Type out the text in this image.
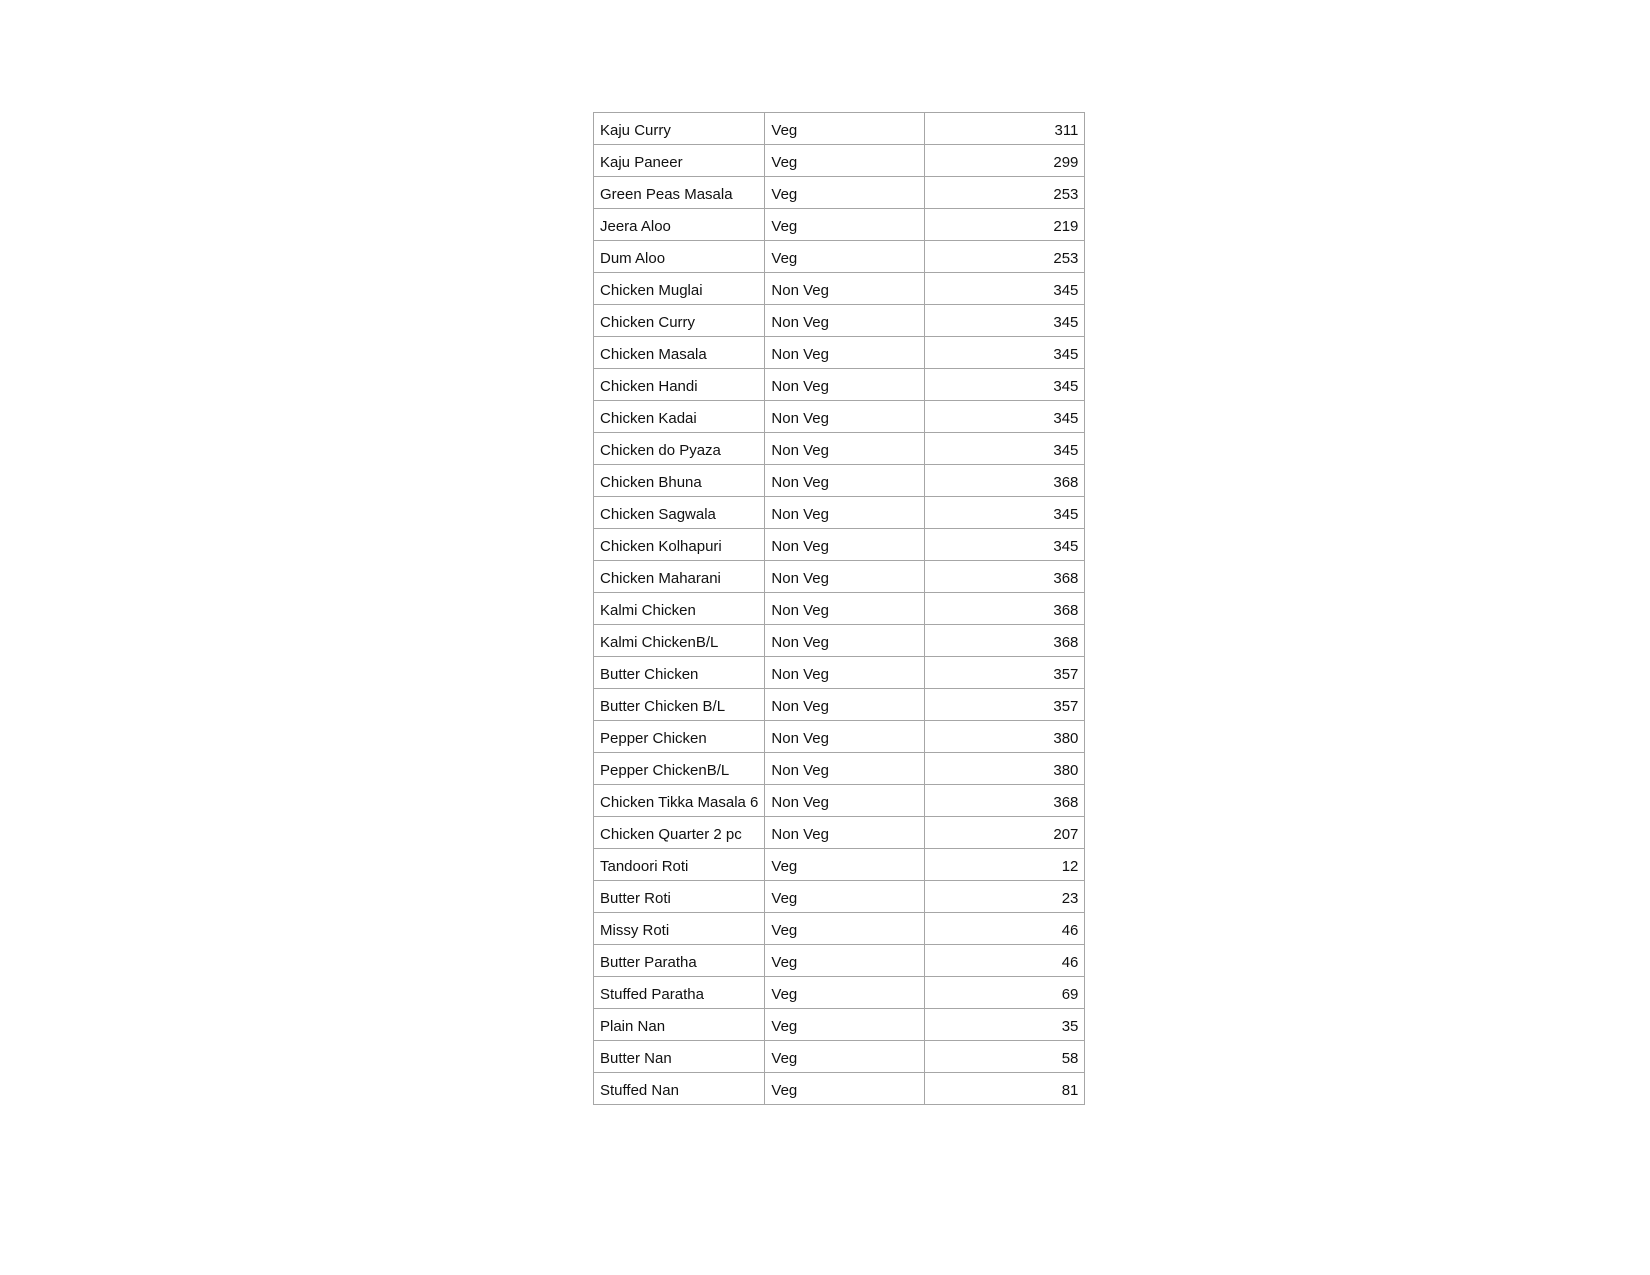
Kaju Curry	Veg	311
Kaju Paneer	Veg	299
Green Peas Masala	Veg	253
Jeera Aloo	Veg	219
Dum Aloo	Veg	253
Chicken Muglai	Non Veg	345
Chicken Curry	Non Veg	345
Chicken Masala	Non Veg	345
Chicken Handi	Non Veg	345
Chicken Kadai	Non Veg	345
Chicken do Pyaza	Non Veg	345
Chicken Bhuna	Non Veg	368
Chicken Sagwala	Non Veg	345
Chicken Kolhapuri	Non Veg	345
Chicken Maharani	Non Veg	368
Kalmi Chicken	Non Veg	368
Kalmi ChickenB/L	Non Veg	368
Butter Chicken	Non Veg	357
Butter Chicken B/L	Non Veg	357
Pepper Chicken	Non Veg	380
Pepper ChickenB/L	Non Veg	380
Chicken Tikka Masala 6	Non Veg	368
Chicken Quarter 2 pc	Non Veg	207
Tandoori Roti	Veg	12
Butter Roti	Veg	23
Missy Roti	Veg	46
Butter Paratha	Veg	46
Stuffed Paratha	Veg	69
Plain Nan	Veg	35
Butter Nan	Veg	58
Stuffed Nan	Veg	81
